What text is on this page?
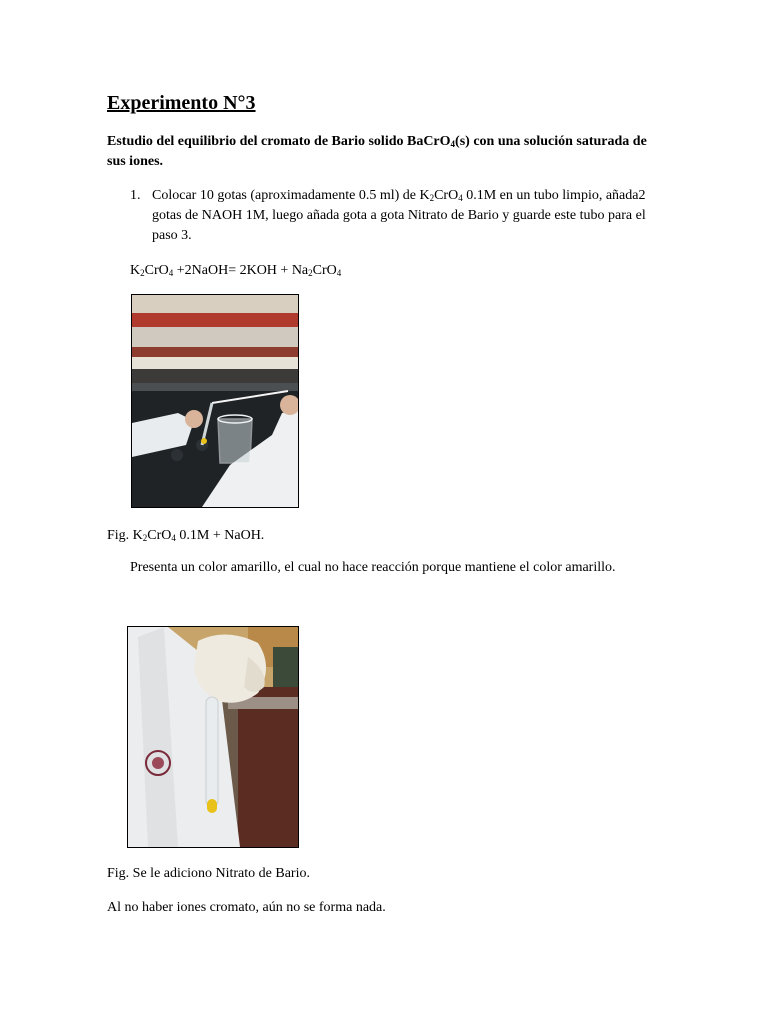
Experimento N°3

Estudio del equilibrio del cromato de Bario solido BaCrO$_4$(s) con una solución saturada de sus iones.

1. Colocar 10 gotas (aproximadamente 0.5 ml) de $K_2CrO_4$ 0.1M en un tubo limpio, añada2 gotas de NAOH 1M, luego añada gota a gota Nitrato de Bario y guarde este tubo para el paso 3.

$K_2CrO_4$ +2NaOH= $2KOH + Na_2CrO_4$
Fig. $K_2CrO_4$ 0.1M + NaOH.
Presenta un color amarillo, el cual no hace reacción porque mantiene el color amarillo.
Fig. Se le adiciono Nitrato de Bario.
Al no haber iones cromato, aún no se forma nada.
